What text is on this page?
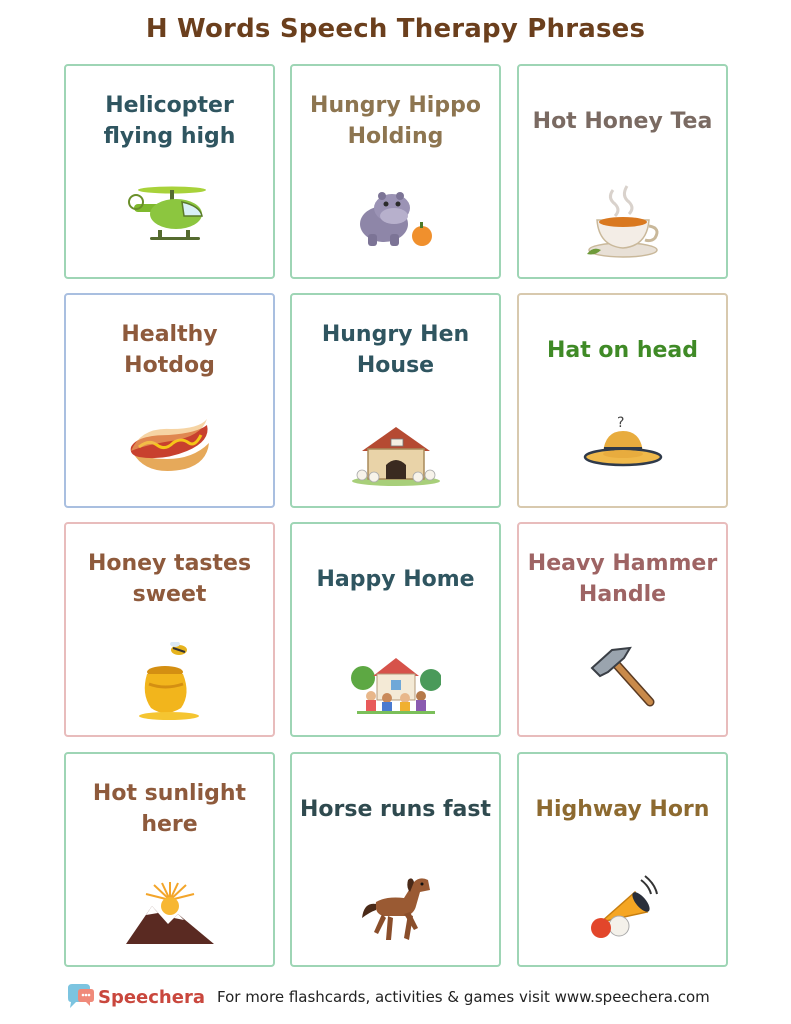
H Words Speech Therapy Phrases
Helicopter flying high
Hungry Hippo Holding
Hot Honey Tea
Healthy Hotdog
Hungry Hen House
Hat on head
?
Honey tastes sweet
Happy Home
Heavy Hammer Handle
Hot sunlight here
Horse runs fast	Highway Horn
Speechera For more flashcards, activities & games visit www.speechera.com
